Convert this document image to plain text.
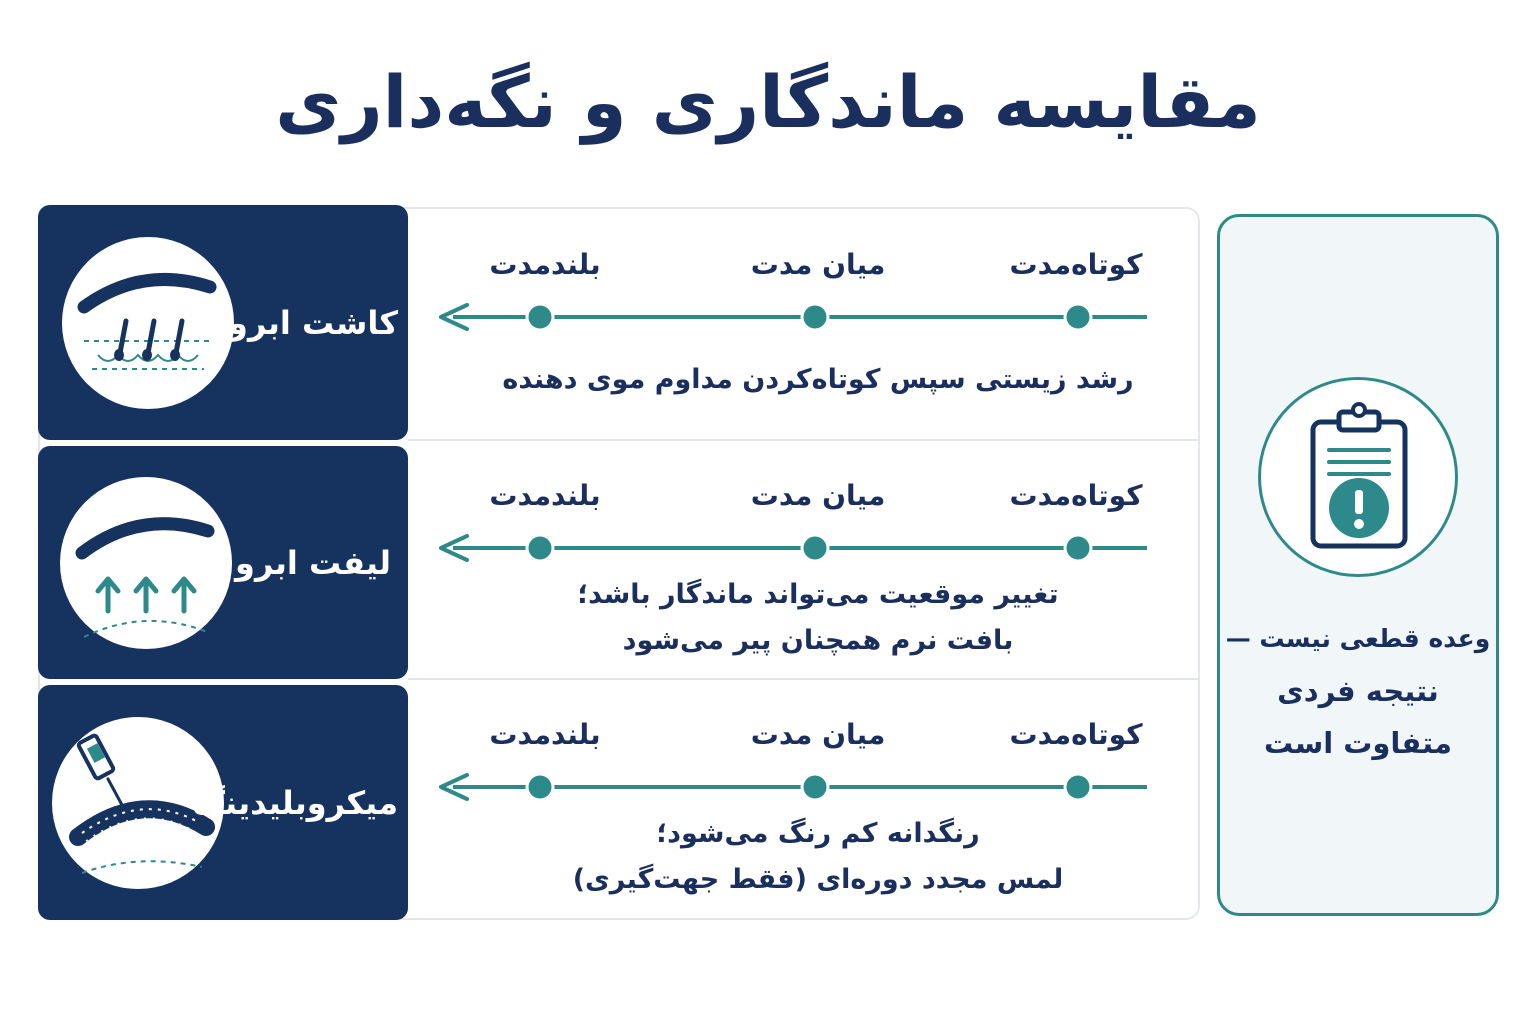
مقایسه ماندگاری و نگه‌داری
کاشت ابرو
بلندمدت	میان مدت	کوتاه‌مدت
رشد زیستی سپس کوتاه‌کردن مداوم موی دهنده
لیفت ابرو
بلندمدت	میان مدت	کوتاه‌مدت
تغییر موقعیت می‌تواند ماندگار باشد؛
بافت نرم همچنان پیر می‌شود
میکروبلیدینگ
بلندمدت	میان مدت	کوتاه‌مدت
رنگدانه کم رنگ می‌شود؛
لمس مجدد دوره‌ای (فقط جهت‌گیری)
وعده قطعی نیست —
نتیجه فردی
متفاوت است
